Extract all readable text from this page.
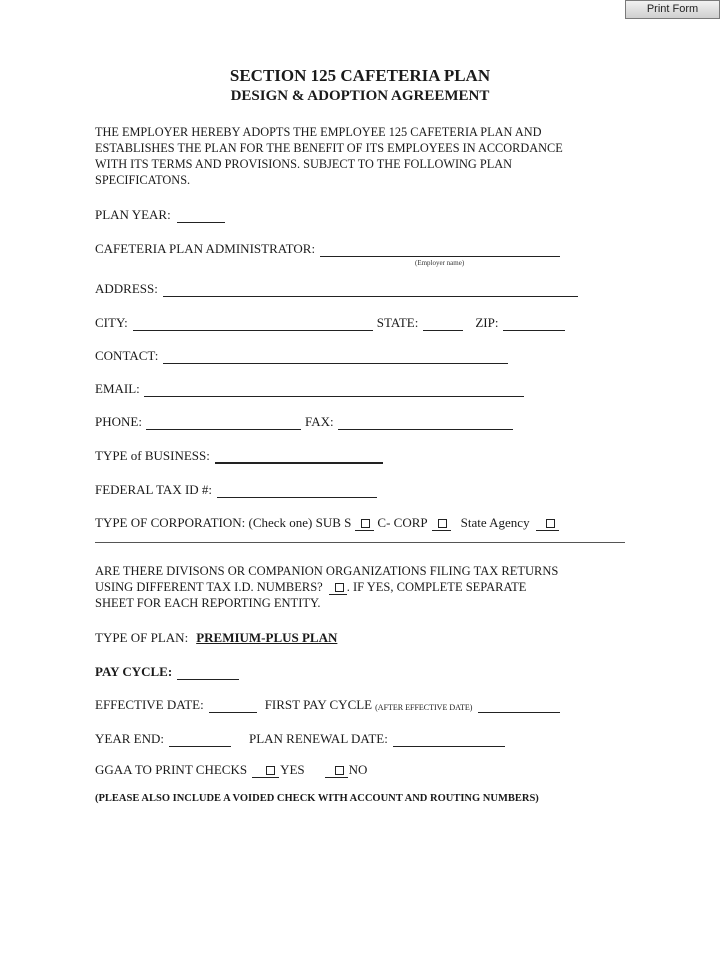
Print Form
SECTION 125 CAFETERIA PLAN
DESIGN & ADOPTION AGREEMENT

THE EMPLOYER HEREBY ADOPTS THE EMPLOYEE 125 CAFETERIA PLAN AND ESTABLISHES THE PLAN FOR THE BENEFIT OF ITS EMPLOYEES IN ACCORDANCE WITH ITS TERMS AND PROVISIONS. SUBJECT TO THE FOLLOWING PLAN SPECIFICATONS.

PLAN YEAR:
CAFETERIA PLAN ADMINISTRATOR:
(Employer name)
ADDRESS:
CITY:	STATE:	ZIP:
CONTACT:
EMAIL:
PHONE:	FAX:
TYPE of BUSINESS:
FEDERAL TAX ID #:
TYPE OF CORPORATION: (Check one) SUB S C- CORP	State Agency
ARE THERE DIVISONS OR COMPANION ORGANIZATIONS FILING TAX RETURNS
USING DIFFERENT TAX I.D. NUMBERS? . IF YES, COMPLETE SEPARATE
SHEET FOR EACH REPORTING ENTITY.
TYPE OF PLAN: PREMIUM-PLUS PLAN
PAY CYCLE:
EFFECTIVE DATE:	FIRST PAY CYCLE (AFTER EFFECTIVE DATE)
YEAR END:	PLAN RENEWAL DATE:
GGAA TO PRINT CHECKS	YES	NO
(PLEASE ALSO INCLUDE A VOIDED CHECK WITH ACCOUNT AND ROUTING NUMBERS)
